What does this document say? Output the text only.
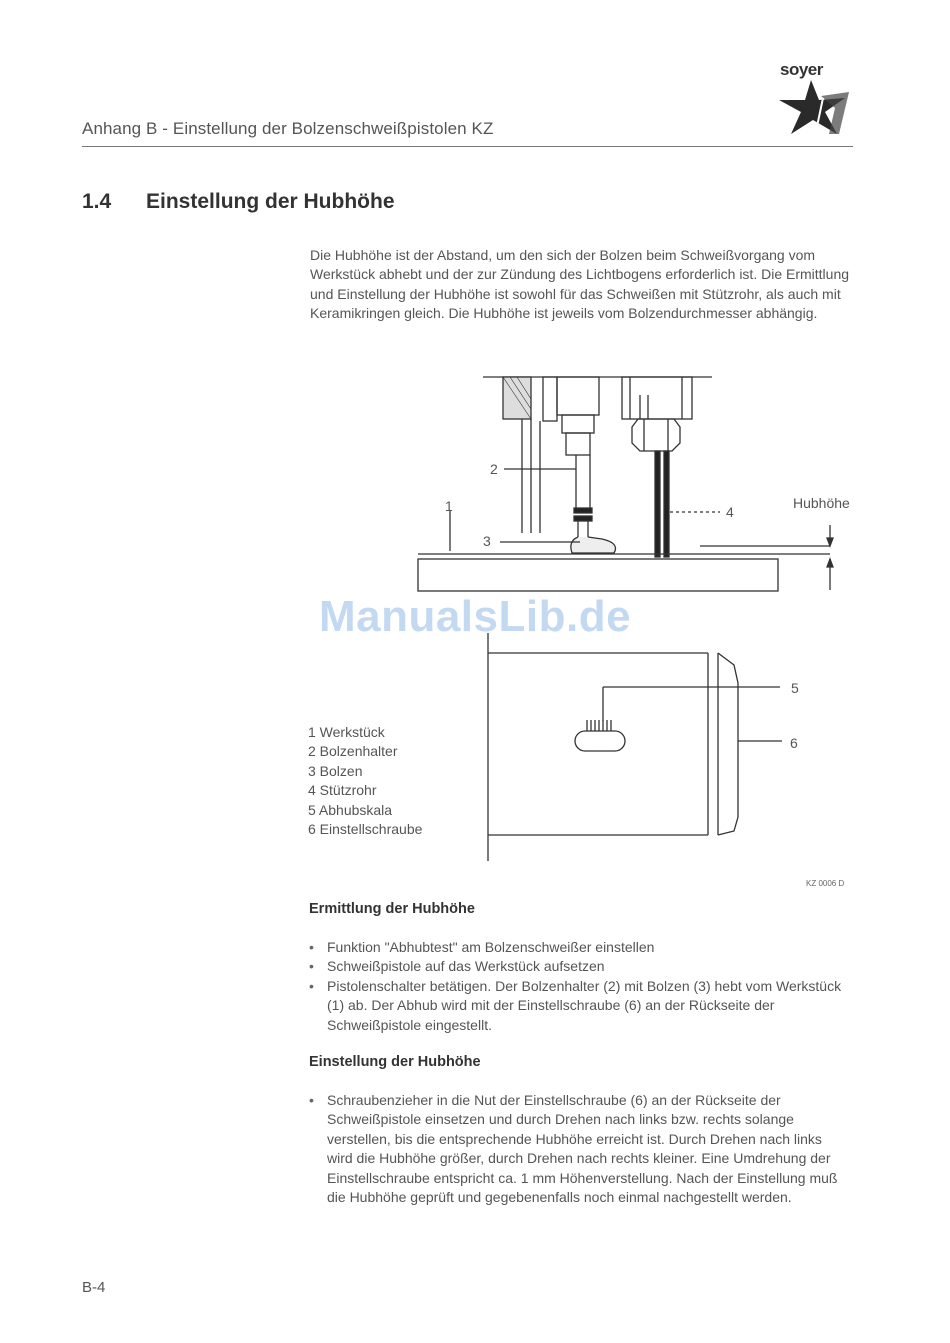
Anhang B - Einstellung der Bolzenschweißpistolen KZ
soyer
1.4 Einstellung der Hubhöhe

Die Hubhöhe ist der Abstand, um den sich der Bolzen beim Schweißvorgang vom Werkstück abhebt und der zur Zündung des Lichtbogens erforderlich ist. Die Ermittlung und Einstellung der Hubhöhe ist sowohl für das Schweißen mit Stützrohr, als auch mit Keramikringen gleich. Die Hubhöhe ist jeweils vom Bolzendurchmesser abhängig.

2
1
3
4
Hubhöhe
5
6
1 Werkstück
2 Bolzenhalter
3 Bolzen
4 Stützrohr
5 Abhubskala
6 Einstellschraube
KZ 0006 D
ManualsLib.de
Ermittlung der Hubhöhe
• Funktion "Abhubtest" am Bolzenschweißer einstellen
• Schweißpistole auf das Werkstück aufsetzen
• Pistolenschalter betätigen. Der Bolzenhalter (2) mit Bolzen (3) hebt vom Werkstück (1) ab. Der Abhub wird mit der Einstellschraube (6) an der Rückseite der Schweißpistole eingestellt.
Einstellung der Hubhöhe
• Schraubenzieher in die Nut der Einstellschraube (6) an der Rückseite der Schweißpistole einsetzen und durch Drehen nach links bzw. rechts solange verstellen, bis die entsprechende Hubhöhe erreicht ist. Durch Drehen nach links wird die Hubhöhe größer, durch Drehen nach rechts kleiner. Eine Umdrehung der Einstellschraube entspricht ca. 1 mm Höhenverstellung. Nach der Einstellung muß die Hubhöhe geprüft und gegebenenfalls noch einmal nachgestellt werden.
B-4
